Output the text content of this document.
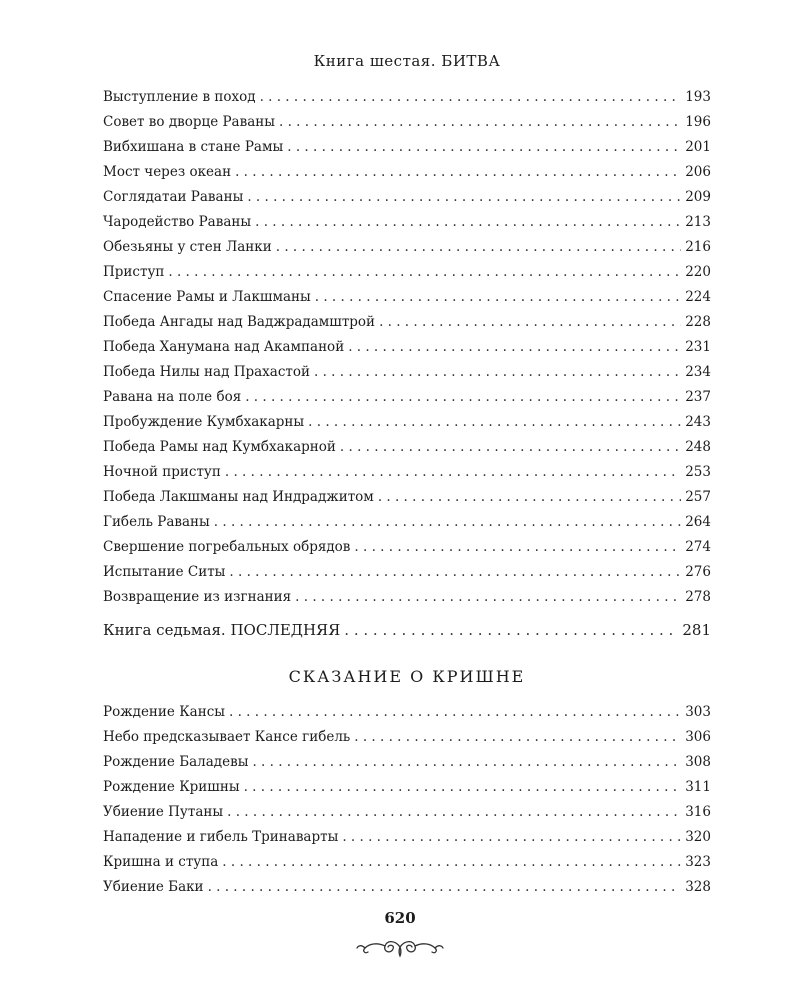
Книга шестая. БИТВА
Выступление в поход . . .	193
Совет во дворце Раваны . . .	196
Вибхишана в стане Рамы . . .	201
Мост через океан . . .	206
Соглядатаи Раваны . . .	209
Чародейство Раваны . . .	213
Обезьяны у стен Ланки . . .	216
Приступ . . .	220
Спасение Рамы и Лакшманы . . .	224
Победа Ангады над Ваджрадамштрой . . .	228
Победа Ханумана над Акампаной . . .	231
Победа Нилы над Прахастой . . .	234
Равана на поле боя . . .	237
Пробуждение Кумбхакарны . . .	243
Победа Рамы над Кумбхакарной . . .	248
Ночной приступ . . .	253
Победа Лакшманы над Индраджитом . . .	257
Гибель Раваны . . .	264
Свершение погребальных обрядов . . .	274
Испытание Ситы . . .	276
Возвращение из изгнания . . .	278
Книга седьмая. ПОСЛЕДНЯЯ . . .	281
СКАЗАНИЕ О КРИШНЕ
Рождение Кансы . . .	303
Небо предсказывает Кансе гибель . . .	306
Рождение Баладевы . . .	308
Рождение Кришны . . .	311
Убиение Путаны . . .	316
Нападение и гибель Тринаварты . . .	320
Кришна и ступа . . .	323
Убиение Баки . . .	328
620
